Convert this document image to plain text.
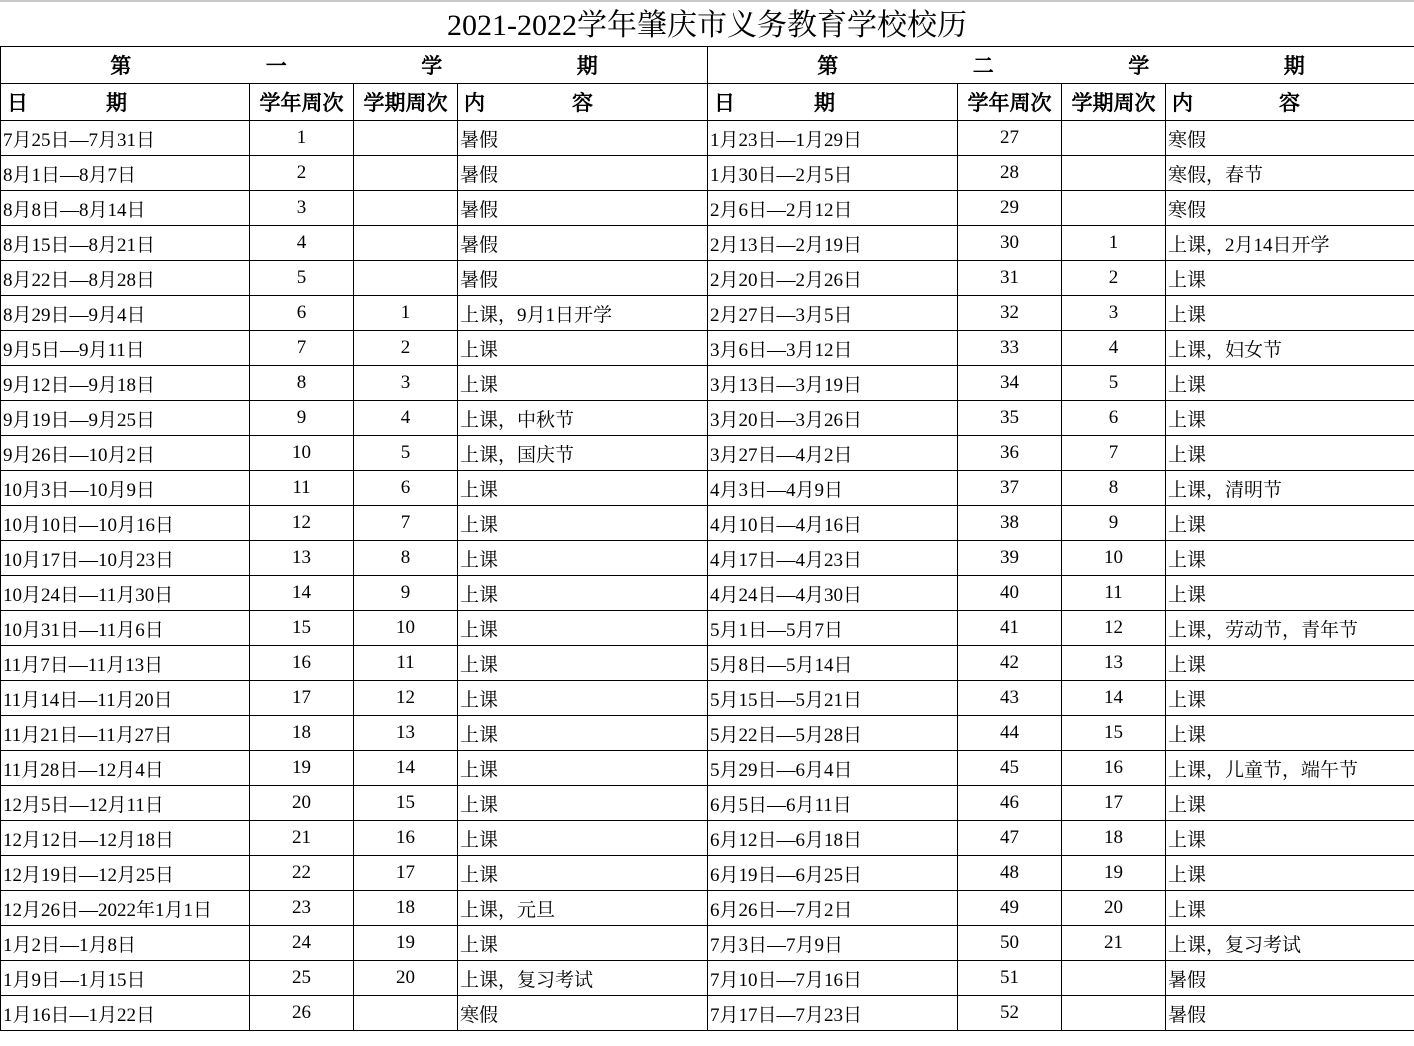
2021-2022学年肇庆市义务教育学校校历
第 一 学 期				第 二 学 期			

日 期	学年周次	学期周次	内 容	日 期	学年周次	学期周次	内 容

7月25日—7月31日	1		暑假	1月23日—1月29日	27		寒假
8月1日—8月7日	2		暑假	1月30日—2月5日	28		寒假，春节
8月8日—8月14日	3		暑假	2月6日—2月12日	29		寒假
8月15日—8月21日	4		暑假	2月13日—2月19日	30	1	上课，2月14日开学
8月22日—8月28日	5		暑假	2月20日—2月26日	31	2	上课
8月29日—9月4日	6	1	上课，9月1日开学	2月27日—3月5日	32	3	上课
9月5日—9月11日	7	2	上课	3月6日—3月12日	33	4	上课，妇女节
9月12日—9月18日	8	3	上课	3月13日—3月19日	34	5	上课
9月19日—9月25日	9	4	上课，中秋节	3月20日—3月26日	35	6	上课
9月26日—10月2日	10	5	上课，国庆节	3月27日—4月2日	36	7	上课
10月3日—10月9日	11	6	上课	4月3日—4月9日	37	8	上课，清明节
10月10日—10月16日	12	7	上课	4月10日—4月16日	38	9	上课
10月17日—10月23日	13	8	上课	4月17日—4月23日	39	10	上课
10月24日—11月30日	14	9	上课	4月24日—4月30日	40	11	上课
10月31日—11月6日	15	10	上课	5月1日—5月7日	41	12	上课，劳动节，青年节
11月7日—11月13日	16	11	上课	5月8日—5月14日	42	13	上课
11月14日—11月20日	17	12	上课	5月15日—5月21日	43	14	上课
11月21日—11月27日	18	13	上课	5月22日—5月28日	44	15	上课
11月28日—12月4日	19	14	上课	5月29日—6月4日	45	16	上课，儿童节，端午节
12月5日—12月11日	20	15	上课	6月5日—6月11日	46	17	上课
12月12日—12月18日	21	16	上课	6月12日—6月18日	47	18	上课
12月19日—12月25日	22	17	上课	6月19日—6月25日	48	19	上课
12月26日—2022年1月1日	23	18	上课，元旦	6月26日—7月2日	49	20	上课
1月2日—1月8日	24	19	上课	7月3日—7月9日	50	21	上课，复习考试
1月9日—1月15日	25	20	上课，复习考试	7月10日—7月16日	51		暑假
1月16日—1月22日	26		寒假	7月17日—7月23日	52		暑假
